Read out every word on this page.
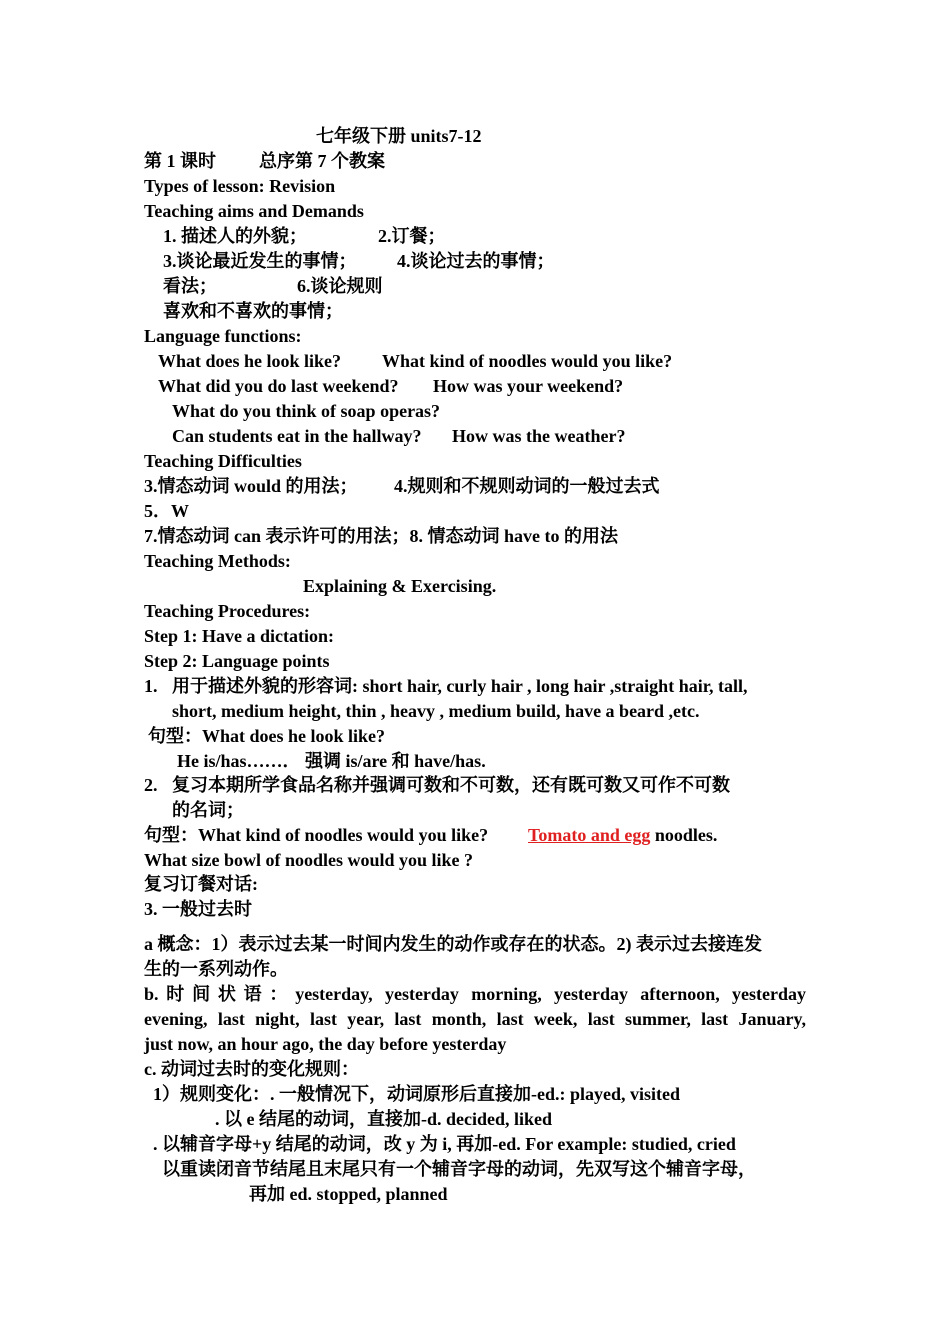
七年级下册 units7-12
第 1 课时 总序第 7 个教案
Types of lesson: Revision
Teaching aims and Demands
1. 描述人的外貌；	2.订餐；
3.谈论最近发生的事情； 4.谈论过去的事情；
看法；	6.谈论规则
喜欢和不喜欢的事情；
Language functions:
What does he look like? What kind of noodles would you like?
What did you do last weekend? How was your weekend?
What do you think of soap operas?
Can students eat in the hallway? How was the weather?
Teaching Difficulties
3.情态动词 would 的用法； 4.规则和不规则动词的一般过去式
5．W
7.情态动词 can 表示许可的用法；8. 情态动词 have to 的用法
Teaching Methods:
Explaining & Exercising.
Teaching Procedures:
Step 1: Have a dictation:
Step 2: Language points
1. 用于描述外貌的形容词: short hair, curly hair , long hair ,straight hair, tall,
short, medium height, thin , heavy , medium build, have a beard ,etc.
句型：What does he look like?
He is/has……． 强调 is/are 和 have/has.
2. 复习本期所学食品名称并强调可数和不可数，还有既可数又可作不可数
的名词；
句型：What kind of noodles would you like? Tomato and egg noodles.
What size bowl of noodles would you like ?
复习订餐对话:
3. 一般过去时
a 概念：1）表示过去某一时间内发生的动作或存在的状态。2) 表示过去接连发
生的一系列动作。
b.时间状语：yesterday, yesterday morning, yesterday afternoon, yesterday
evening, last night, last year, last month, last week, last summer, last January,
just now, an hour ago, the day before yesterday
c. 动词过去时的变化规则：
1）规则变化：. 一般情况下，动词原形后直接加-ed.: played, visited
. 以 e 结尾的动词，直接加-d. decided, liked
. 以辅音字母+y 结尾的动词，改 y 为 i, 再加-ed. For example: studied, cried
以重读闭音节结尾且末尾只有一个辅音字母的动词，先双写这个辅音字母，
再加 ed. stopped, planned
